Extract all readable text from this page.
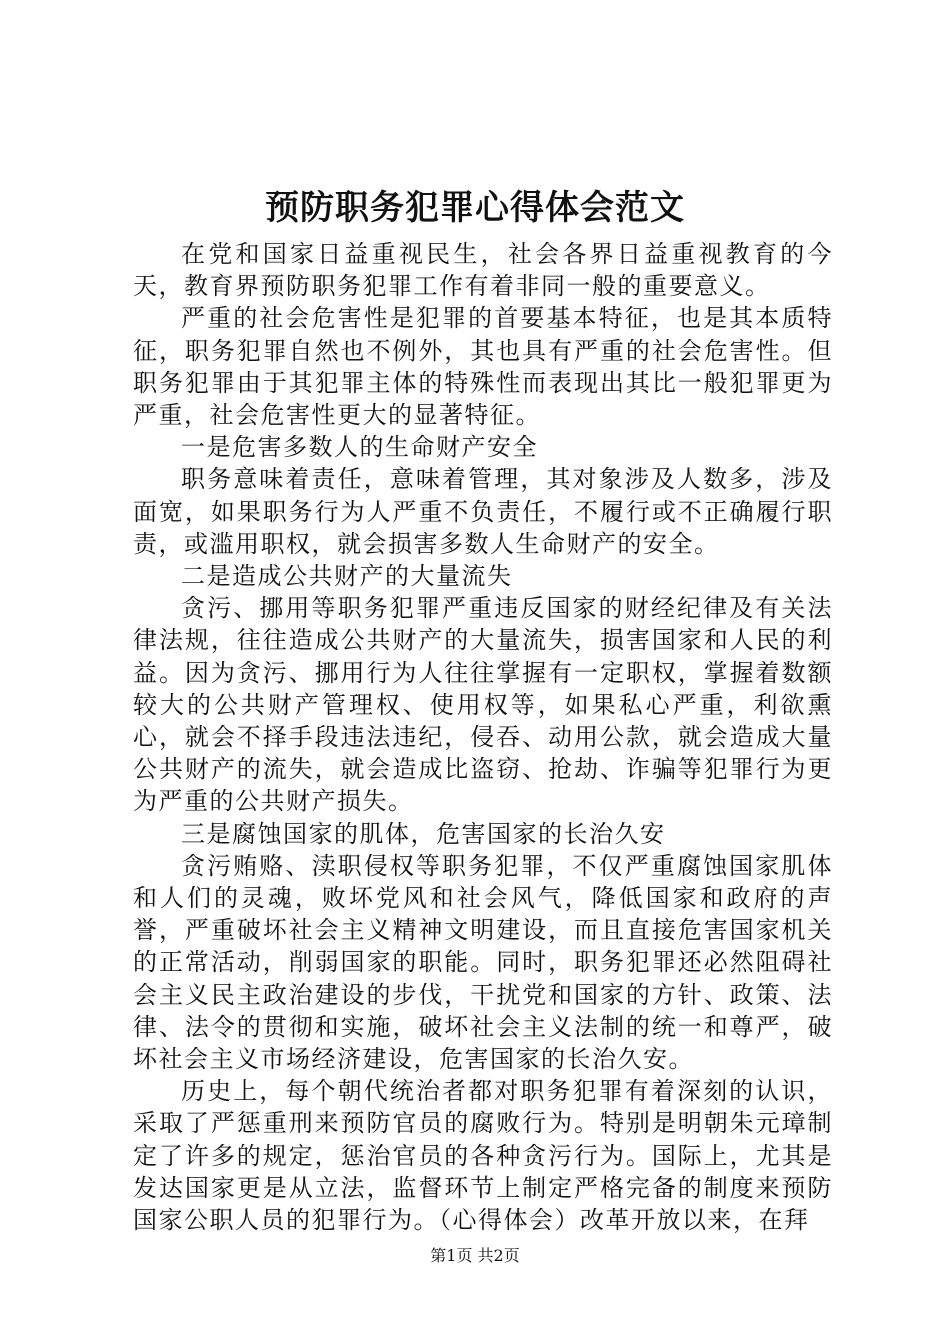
预防职务犯罪心得体会范文

在党和国家日益重视民生，社会各界日益重视教育的今天，教育界预防职务犯罪工作有着非同一般的重要意义。

严重的社会危害性是犯罪的首要基本特征，也是其本质特征，职务犯罪自然也不例外，其也具有严重的社会危害性。但职务犯罪由于其犯罪主体的特殊性而表现出其比一般犯罪更为严重，社会危害性更大的显著特征。

一是危害多数人的生命财产安全

职务意味着责任，意味着管理，其对象涉及人数多，涉及面宽，如果职务行为人严重不负责任，不履行或不正确履行职责，或滥用职权，就会损害多数人生命财产的安全。

二是造成公共财产的大量流失

贪污、挪用等职务犯罪严重违反国家的财经纪律及有关法律法规，往往造成公共财产的大量流失，损害国家和人民的利益。因为贪污、挪用行为人往往掌握有一定职权，掌握着数额较大的公共财产管理权、使用权等，如果私心严重，利欲熏心，就会不择手段违法违纪，侵吞、动用公款，就会造成大量公共财产的流失，就会造成比盗窃、抢劫、诈骗等犯罪行为更为严重的公共财产损失。

三是腐蚀国家的肌体，危害国家的长治久安

贪污贿赂、渎职侵权等职务犯罪，不仅严重腐蚀国家肌体和人们的灵魂，败坏党风和社会风气，降低国家和政府的声誉，严重破坏社会主义精神文明建设，而且直接危害国家机关的正常活动，削弱国家的职能。同时，职务犯罪还必然阻碍社会主义民主政治建设的步伐，干扰党和国家的方针、政策、法律、法令的贯彻和实施，破坏社会主义法制的统一和尊严，破坏社会主义市场经济建设，危害国家的长治久安。

历史上，每个朝代统治者都对职务犯罪有着深刻的认识，采取了严惩重刑来预防官员的腐败行为。特别是明朝朱元璋制定了许多的规定，惩治官员的各种贪污行为。国际上，尤其是发达国家更是从立法，监督环节上制定严格完备的制度来预防国家公职人员的犯罪行为。（心得体会）改革开放以来，在拜

第1页 共2页
